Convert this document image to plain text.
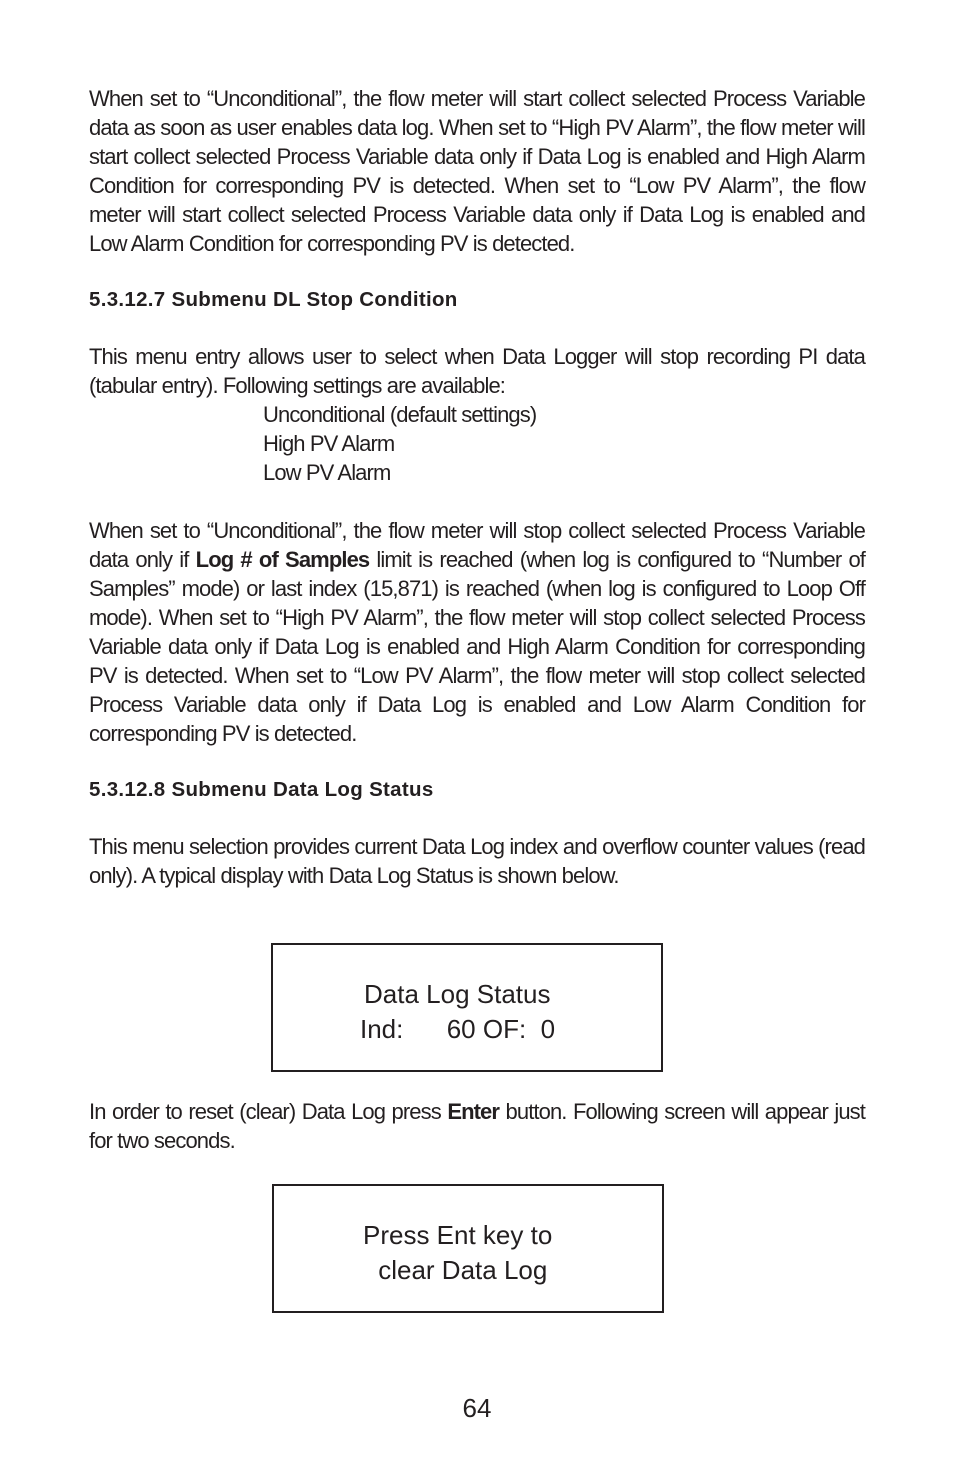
When set to “Unconditional”, the flow meter will start collect selected Process Variable data as soon as user enables data log. When set to “High PV Alarm”, the flow meter will start collect selected Process Variable data only if Data Log is enabled and High Alarm Condition for corresponding PV is detected. When set to “Low PV Alarm”, the flow meter will start collect selected Process Variable data only if Data Log is enabled and Low Alarm Condition for corresponding PV is detected.

5.3.12.7 Submenu DL Stop Condition

This menu entry allows user to select when Data Logger will stop recording PI data (tabular entry). Following settings are available:

Unconditional (default settings)
High PV Alarm
Low PV Alarm

When set to “Unconditional”, the flow meter will stop collect selected Process Variable data only if Log # of Samples limit is reached (when log is configured to “Number of Samples” mode) or last index (15,871) is reached (when log is configured to Loop Off mode). When set to “High PV Alarm”, the flow meter will stop collect selected Process Variable data only if Data Log is enabled and High Alarm Condition for corresponding PV is detected. When set to “Low PV Alarm”, the flow meter will stop collect selected Process Variable data only if Data Log is enabled and Low Alarm Condition for corresponding PV is detected.

5.3.12.8 Submenu Data Log Status

This menu selection provides current Data Log index and overflow counter values (read only). A typical display with Data Log Status is shown below.

Data Log Status
Ind:      60 OF:  0

In order to reset (clear) Data Log press Enter button. Following screen will appear just for two seconds.

Press Ent key to
clear Data Log
64
